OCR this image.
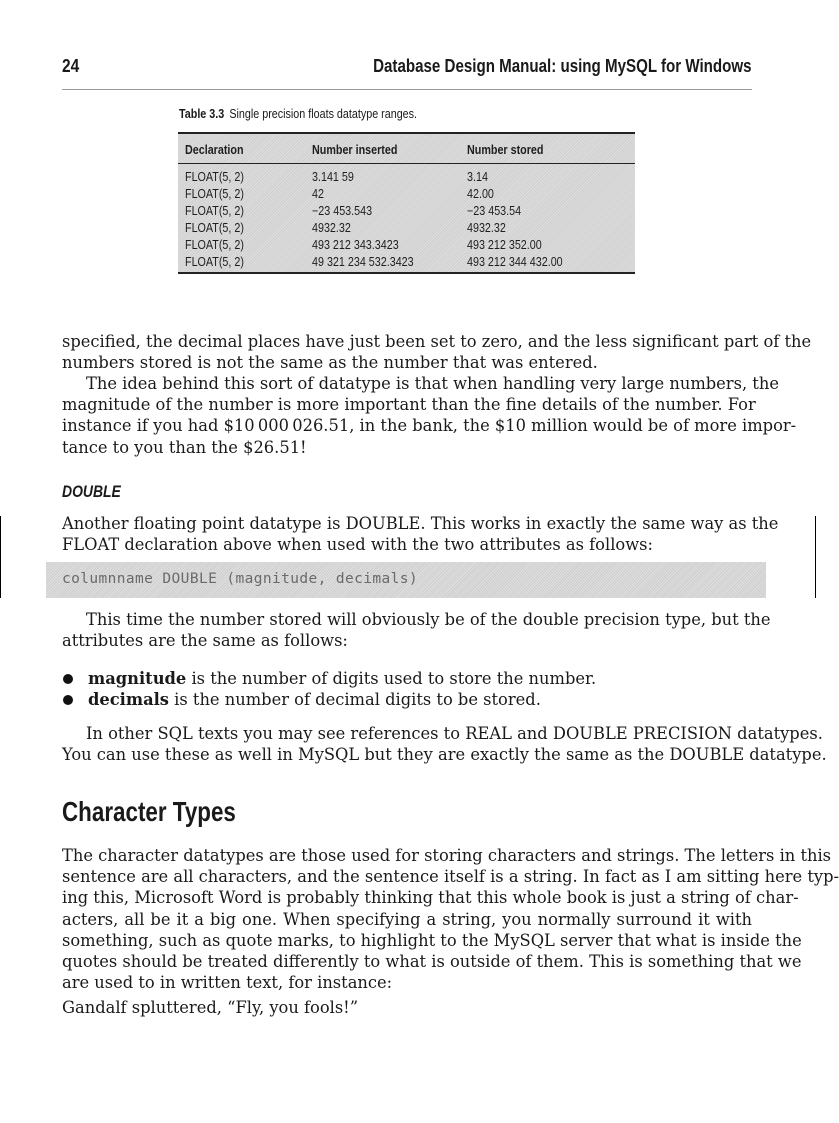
24	Database Design Manual: using MySQL for Windows
Table 3.3 Single precision floats datatype ranges.
Declaration	Number inserted	Number stored
FLOAT(5, 2)	3.141 59	3.14
FLOAT(5, 2)	42	42.00
FLOAT(5, 2)	−23 453.543	−23 453.54
FLOAT(5, 2)	4932.32	4932.32
FLOAT(5, 2)	493 212 343.3423	493 212 352.00
FLOAT(5, 2)	49 321 234 532.3423	493 212 344 432.00
specified, the decimal places have just been set to zero, and the less significant part of the
numbers stored is not the same as the number that was entered.
The idea behind this sort of datatype is that when handling very large numbers, the
magnitude of the number is more important than the fine details of the number. For
instance if you had $10 000 026.51, in the bank, the $10 million would be of more impor-
tance to you than the $26.51!
DOUBLE
Another floating point datatype is DOUBLE. This works in exactly the same way as the
FLOAT declaration above when used with the two attributes as follows:
columnname DOUBLE (magnitude, decimals)
This time the number stored will obviously be of the double precision type, but the
attributes are the same as follows:
magnitude is the number of digits used to store the number.
decimals is the number of decimal digits to be stored.
In other SQL texts you may see references to REAL and DOUBLE PRECISION datatypes.
You can use these as well in MySQL but they are exactly the same as the DOUBLE datatype.
Character Types
The character datatypes are those used for storing characters and strings. The letters in this
sentence are all characters, and the sentence itself is a string. In fact as I am sitting here typ-
ing this, Microsoft Word is probably thinking that this whole book is just a string of char-
acters, all be it a big one. When specifying a string, you normally surround it with
something, such as quote marks, to highlight to the MySQL server that what is inside the
quotes should be treated differently to what is outside of them. This is something that we
are used to in written text, for instance:
Gandalf spluttered, “Fly, you fools!”
